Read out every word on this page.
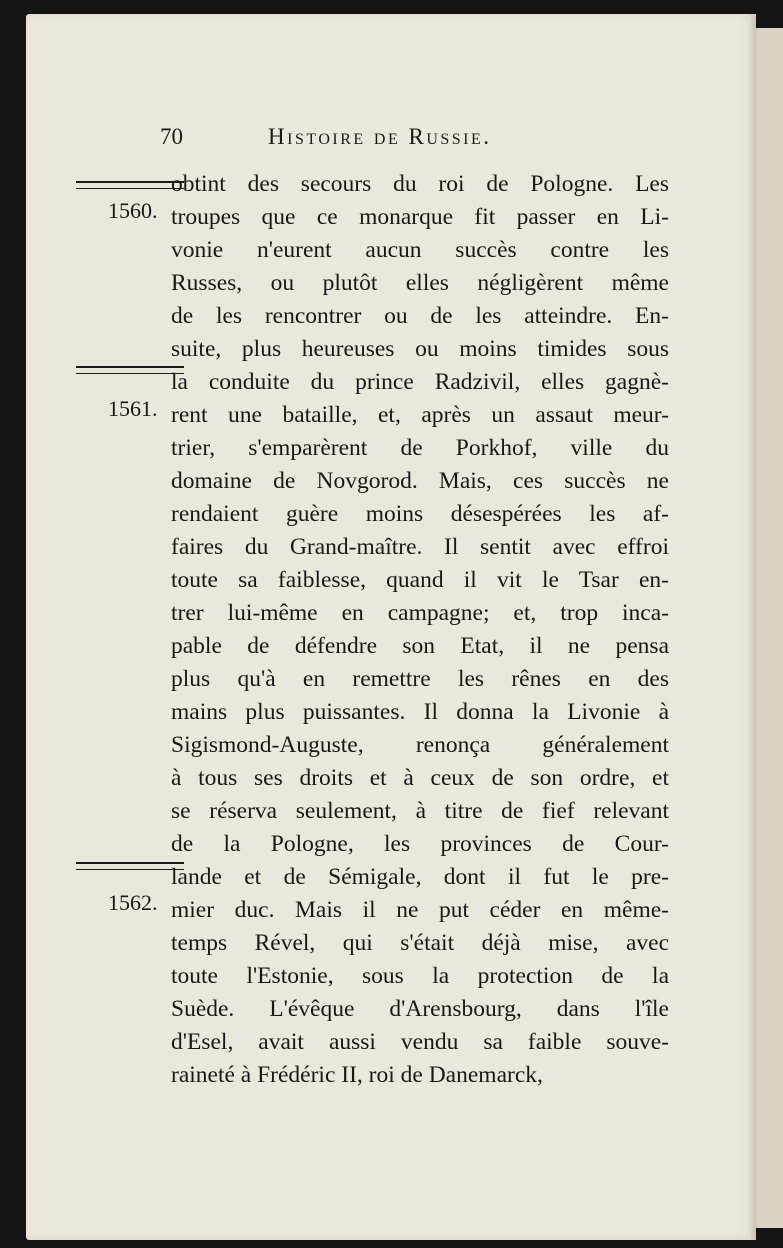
70	Histoire de Russie.
1560.
1561.
1562.
obtint des secours du roi de Pologne. Les
troupes que ce monarque fit passer en Li-
vonie n'eurent aucun succès contre les
Russes, ou plutôt elles négligèrent même
de les rencontrer ou de les atteindre. En-
suite, plus heureuses ou moins timides sous
la conduite du prince Radzivil, elles gagnè-
rent une bataille, et, après un assaut meur-
trier, s'emparèrent de Porkhof, ville du
domaine de Novgorod. Mais, ces succès ne
rendaient guère moins désespérées les af-
faires du Grand-maître. Il sentit avec effroi
toute sa faiblesse, quand il vit le Tsar en-
trer lui-même en campagne; et, trop inca-
pable de défendre son Etat, il ne pensa
plus qu'à en remettre les rênes en des
mains plus puissantes. Il donna la Livonie à
Sigismond-Auguste, renonça généralement
à tous ses droits et à ceux de son ordre, et
se réserva seulement, à titre de fief relevant
de la Pologne, les provinces de Cour-
lande et de Sémigale, dont il fut le pre-
mier duc. Mais il ne put céder en même-
temps Rével, qui s'était déjà mise, avec
toute l'Estonie, sous la protection de la
Suède. L'évêque d'Arensbourg, dans l'île
d'Esel, avait aussi vendu sa faible souve-
raineté à Frédéric II, roi de Danemarck,
